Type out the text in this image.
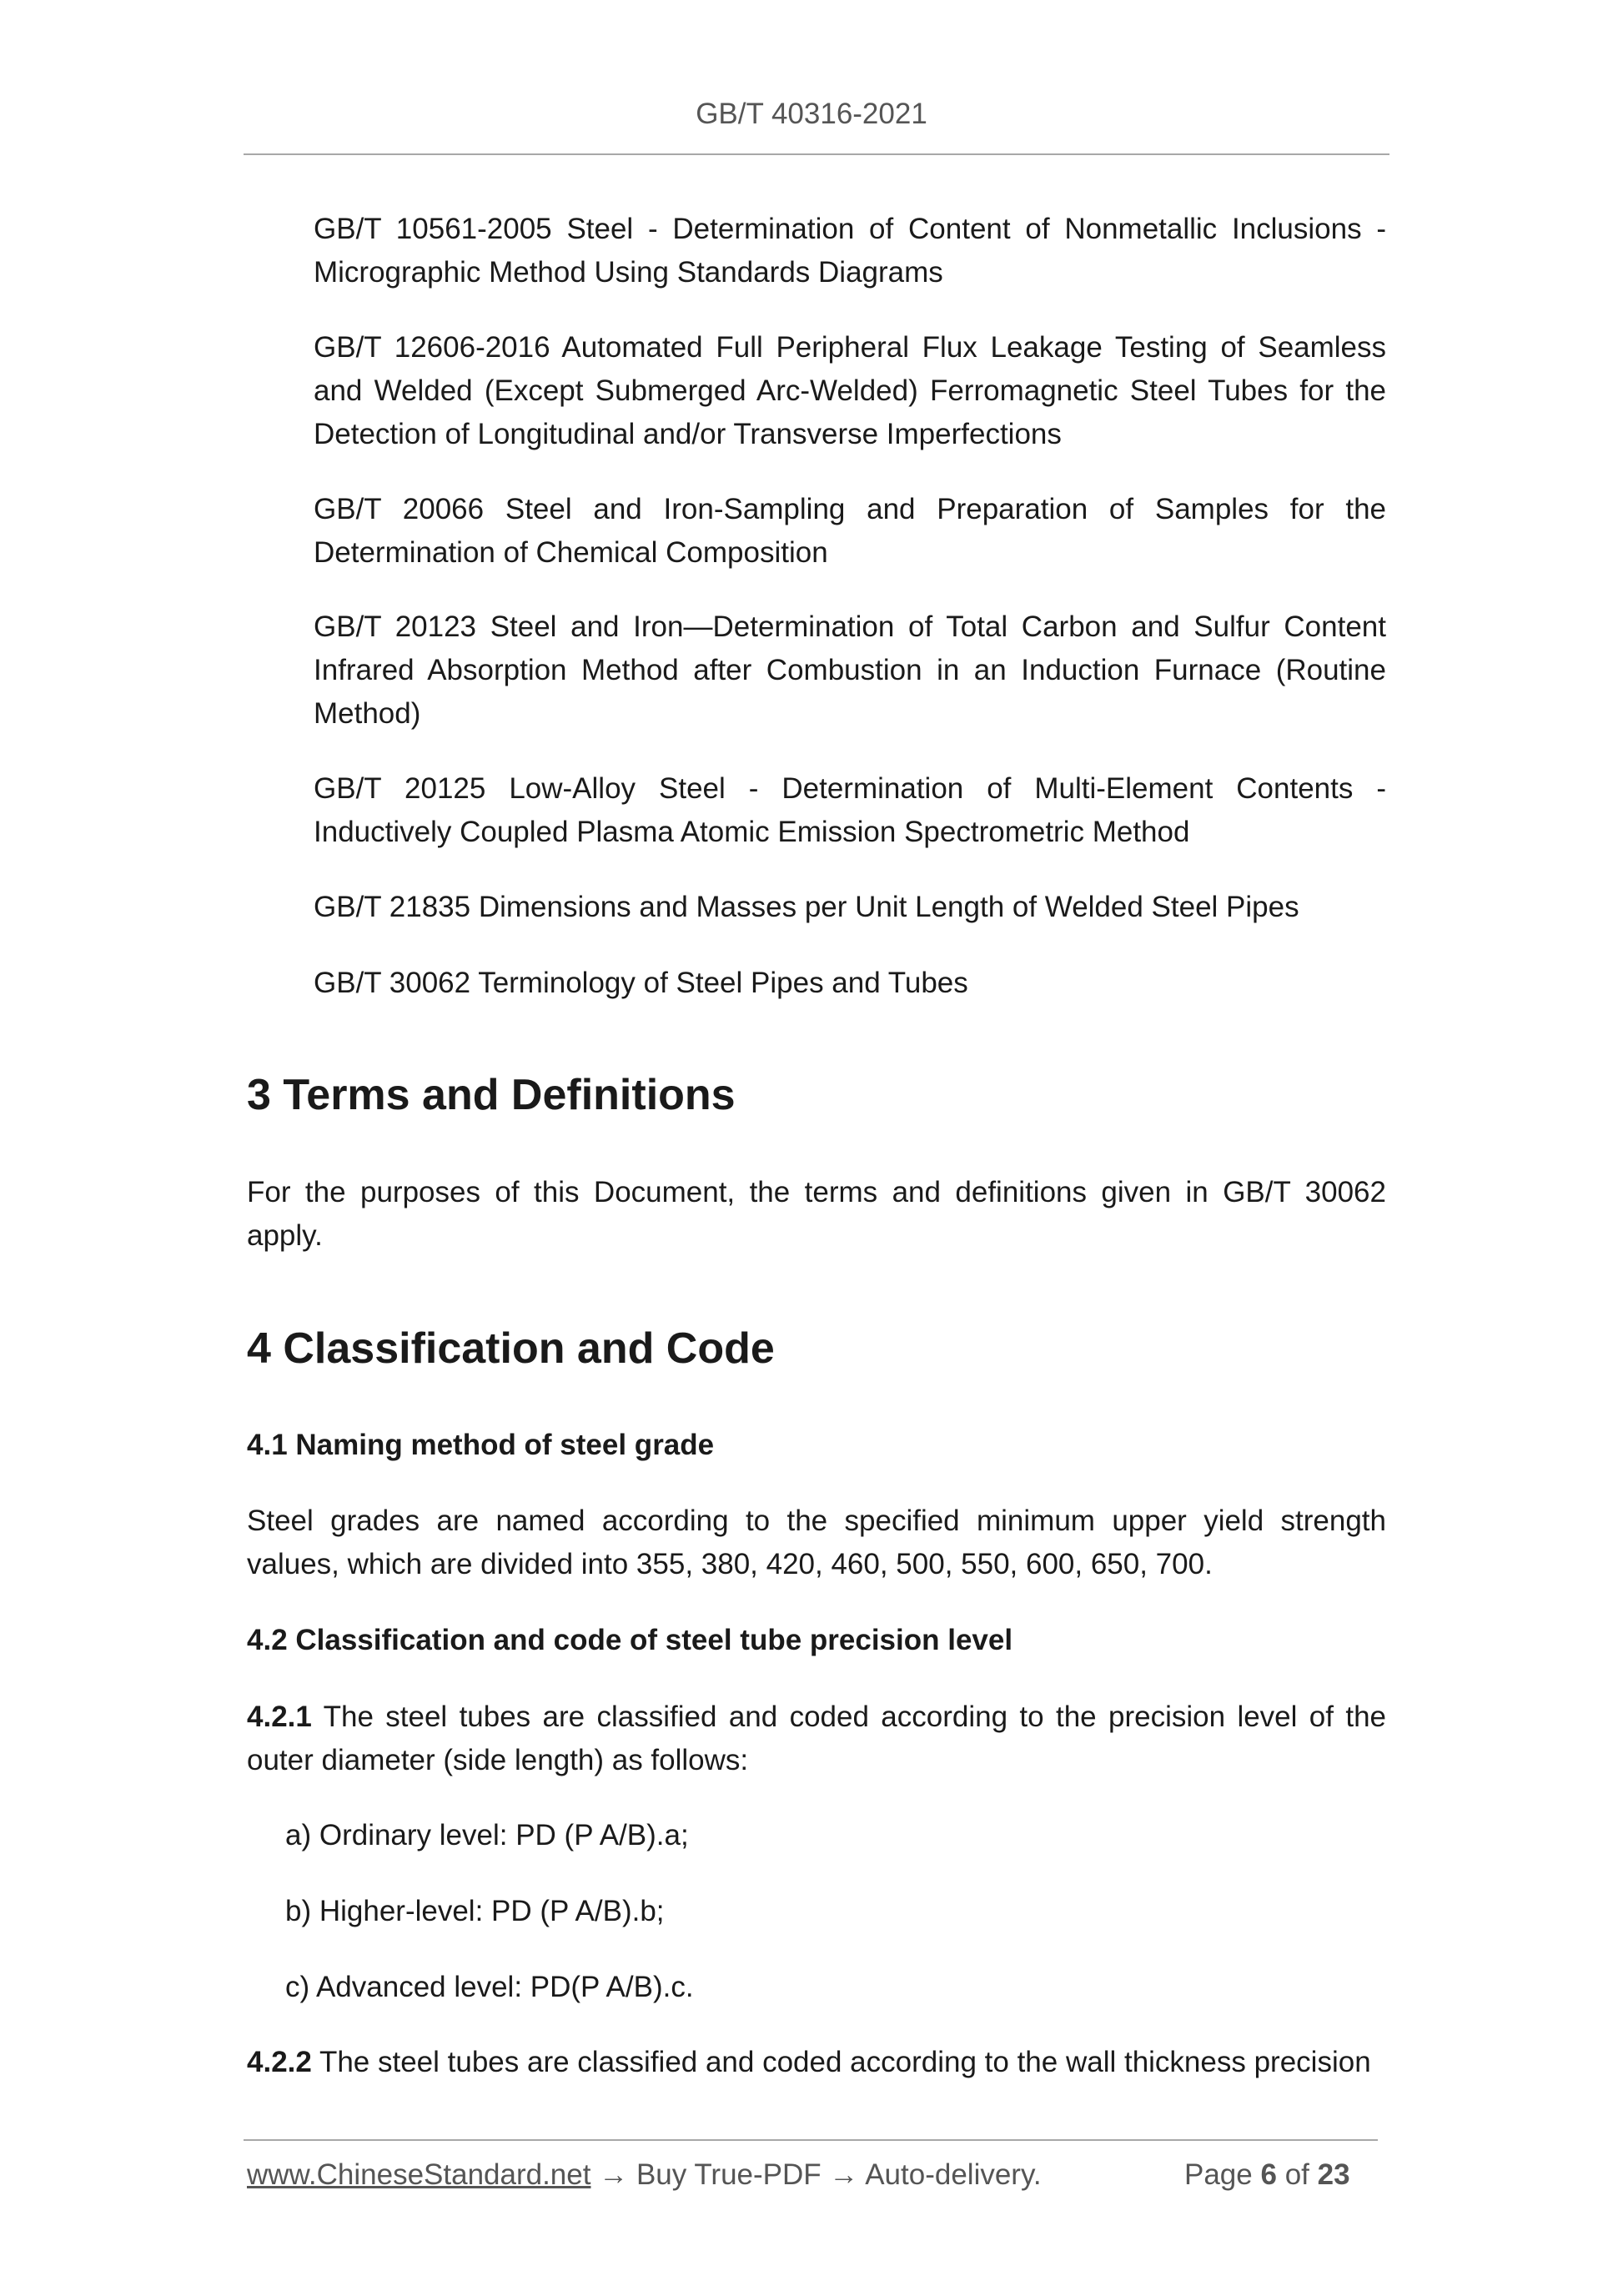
GB/T 40316-2021
GB/T 10561-2005 Steel - Determination of Content of Nonmetallic Inclusions - Micrographic Method Using Standards Diagrams
GB/T 12606-2016 Automated Full Peripheral Flux Leakage Testing of Seamless and Welded (Except Submerged Arc-Welded) Ferromagnetic Steel Tubes for the Detection of Longitudinal and/or Transverse Imperfections
GB/T 20066 Steel and Iron-Sampling and Preparation of Samples for the Determination of Chemical Composition
GB/T 20123 Steel and Iron—Determination of Total Carbon and Sulfur Content Infrared Absorption Method after Combustion in an Induction Furnace (Routine Method)
GB/T 20125 Low-Alloy Steel - Determination of Multi-Element Contents - Inductively Coupled Plasma Atomic Emission Spectrometric Method
GB/T 21835 Dimensions and Masses per Unit Length of Welded Steel Pipes
GB/T 30062 Terminology of Steel Pipes and Tubes
3 Terms and Definitions
For the purposes of this Document, the terms and definitions given in GB/T 30062 apply.
4 Classification and Code
4.1 Naming method of steel grade
Steel grades are named according to the specified minimum upper yield strength values, which are divided into 355, 380, 420, 460, 500, 550, 600, 650, 700.
4.2 Classification and code of steel tube precision level
4.2.1 The steel tubes are classified and coded according to the precision level of the outer diameter (side length) as follows:
a) Ordinary level: PD (P A/B).a;
b) Higher-level: PD (P A/B).b;
c) Advanced level: PD(P A/B).c.
4.2.2 The steel tubes are classified and coded according to the wall thickness precision
www.ChineseStandard.net → Buy True-PDF → Auto-delivery.	Page 6 of 23
